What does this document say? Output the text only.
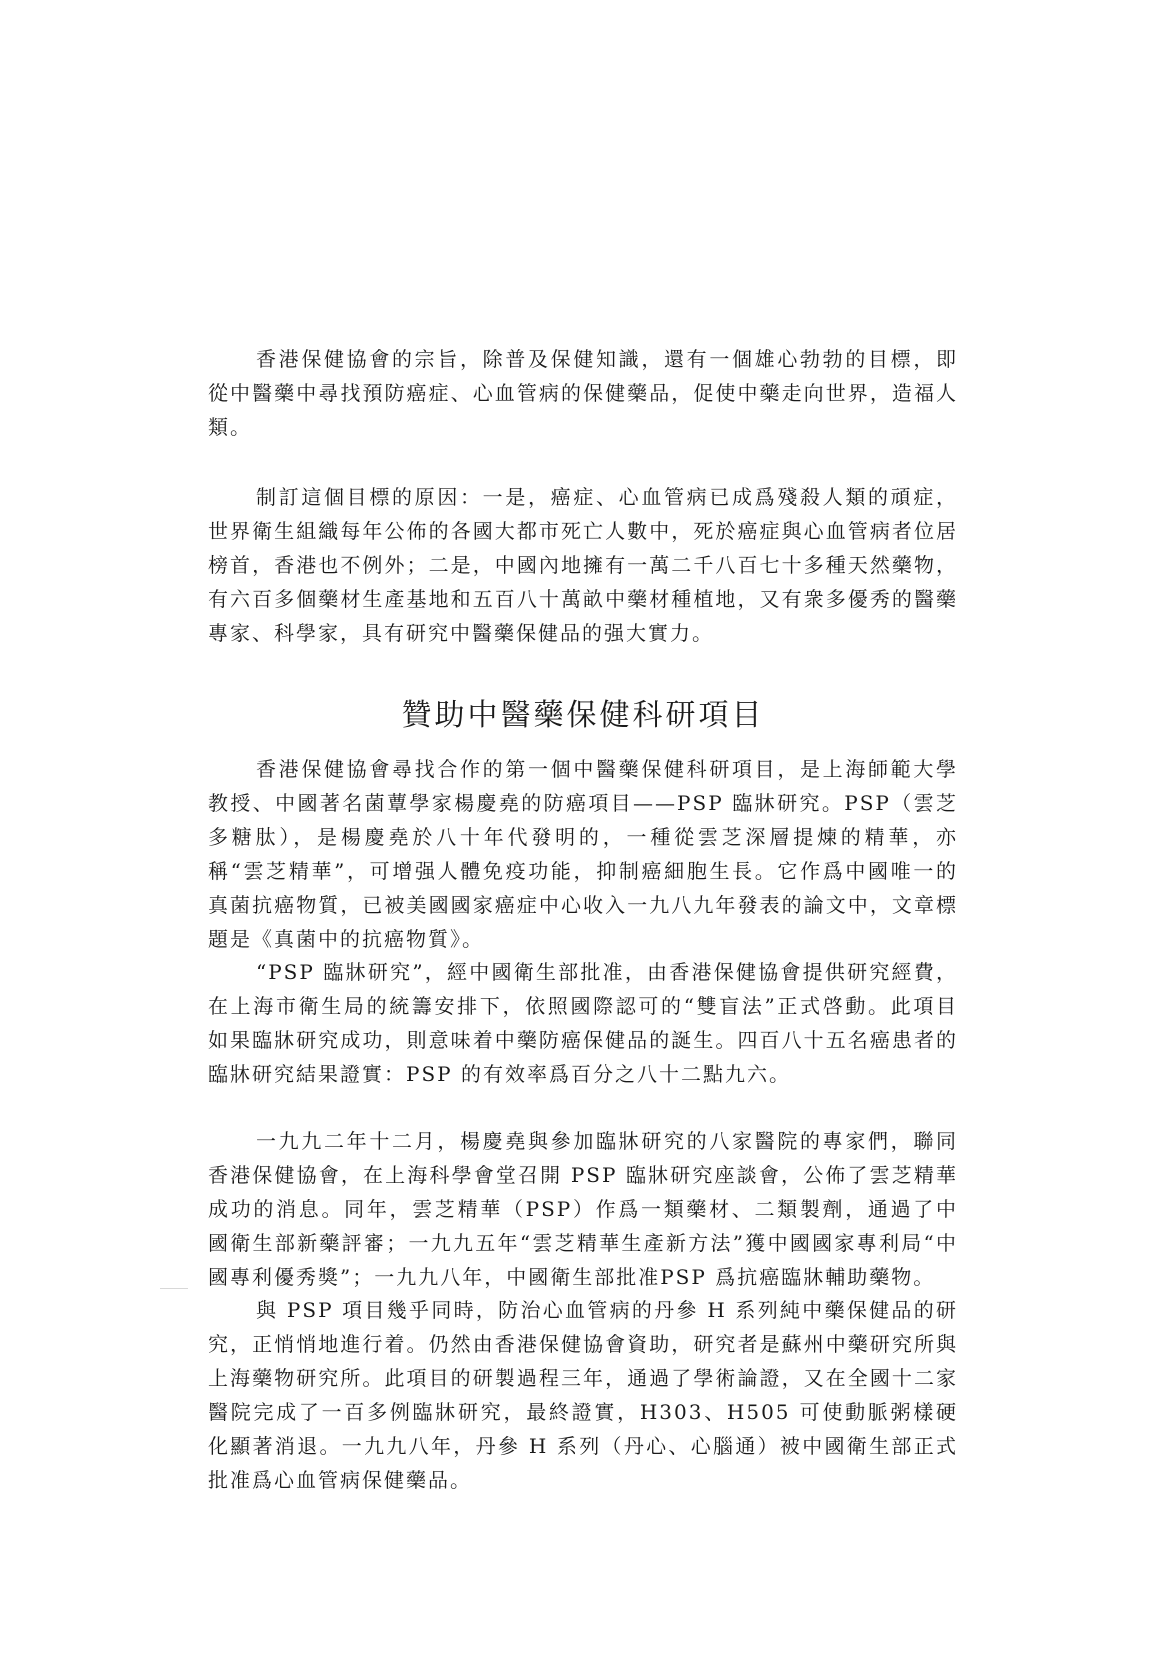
香港保健協會的宗旨，除普及保健知識，還有一個雄心勃勃的目標，即從中醫藥中尋找預防癌症、心血管病的保健藥品，促使中藥走向世界，造福人類。

制訂這個目標的原因：一是，癌症、心血管病已成爲殘殺人類的頑症，世界衛生組織每年公佈的各國大都市死亡人數中，死於癌症與心血管病者位居榜首，香港也不例外；二是，中國內地擁有一萬二千八百七十多種天然藥物，有六百多個藥材生產基地和五百八十萬畝中藥材種植地，又有衆多優秀的醫藥專家、科學家，具有研究中醫藥保健品的强大實力。

贊助中醫藥保健科研項目

香港保健協會尋找合作的第一個中醫藥保健科研項目，是上海師範大學教授、中國著名菌蕈學家楊慶堯的防癌項目——PSP 臨牀研究。PSP（雲芝多糖肽），是楊慶堯於八十年代發明的，一種從雲芝深層提煉的精華，亦稱“雲芝精華”，可增强人體免疫功能，抑制癌細胞生長。它作爲中國唯一的真菌抗癌物質，已被美國國家癌症中心收入一九八九年發表的論文中，文章標題是《真菌中的抗癌物質》。

“PSP 臨牀研究”，經中國衛生部批准，由香港保健協會提供研究經費，在上海市衛生局的統籌安排下，依照國際認可的“雙盲法”正式啓動。此項目如果臨牀研究成功，則意味着中藥防癌保健品的誕生。四百八十五名癌患者的臨牀研究結果證實：PSP 的有效率爲百分之八十二點九六。

一九九二年十二月，楊慶堯與參加臨牀研究的八家醫院的專家們，聯同香港保健協會，在上海科學會堂召開 PSP 臨牀研究座談會，公佈了雲芝精華成功的消息。同年，雲芝精華（PSP）作爲一類藥材、二類製劑，通過了中國衛生部新藥評審；一九九五年“雲芝精華生產新方法”獲中國國家專利局“中國專利優秀獎”；一九九八年，中國衛生部批准PSP 爲抗癌臨牀輔助藥物。

與 PSP 項目幾乎同時，防治心血管病的丹參 H 系列純中藥保健品的研究，正悄悄地進行着。仍然由香港保健協會資助，研究者是蘇州中藥研究所與上海藥物研究所。此項目的研製過程三年，通過了學術論證，又在全國十二家醫院完成了一百多例臨牀研究，最終證實，H303、H505 可使動脈粥樣硬化顯著消退。一九九八年，丹參 H 系列（丹心、心腦通）被中國衛生部正式批准爲心血管病保健藥品。
